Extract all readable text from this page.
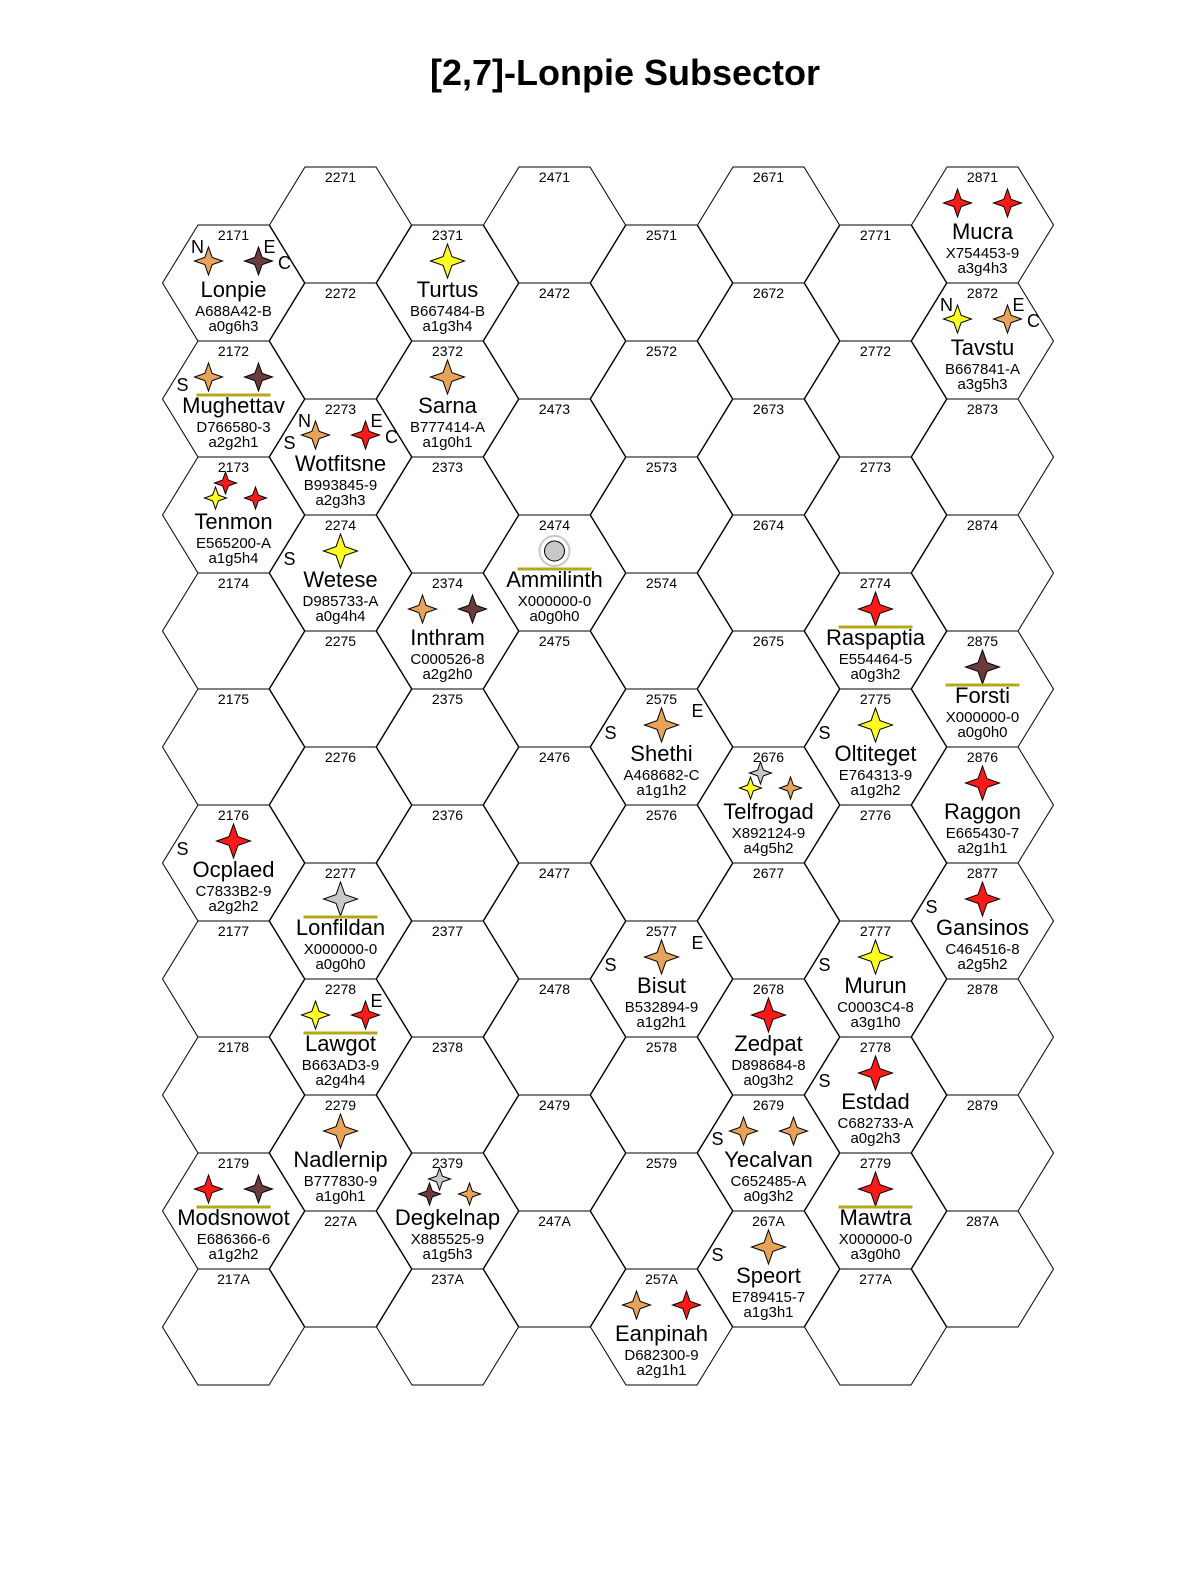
[2,7]-Lonpie Subsector
2171
2172
2173
2174
2175
2176
2177
2178
2179
217A
2271
2272
2273
2274
2275
2276
2277
2278
2279
227A
2371
2372
2373
2374
2375
2376
2377
2378
2379
237A
2471
2472
2473
2474
2475
2476
2477
2478
2479
247A
2571
2572
2573
2574
2575
2576
2577
2578
2579
257A
2671
2672
2673
2674
2675
2676
2677
2678
2679
267A
2771
2772
2773
2774
2775
2776
2777
2778
2779
277A
2871
2872
2873
2874
2875
2876
2877
2878
2879
287A
N	E
C
Lonpie
A688A42-B
a0g6h3
S
Mughettav
D766580-3
a2g2h1
Tenmon
E565200-A
a1g5h4
S
Ocplaed
C7833B2-9
a2g2h2
Modsnowot
E686366-6
a1g2h2
N	E
C
S
Wotfitsne
B993845-9
a2g3h3
S
Wetese
D985733-A
a0g4h4
Lonfildan
X000000-0
a0g0h0
E
Lawgot
B663AD3-9
a2g4h4
Nadlernip
B777830-9
a1g0h1
Turtus
B667484-B
a1g3h4
Sarna
B777414-A
a1g0h1
Inthram
C000526-8
a2g2h0
Degkelnap
X885525-9
a1g5h3
Ammilinth
X000000-0
a0g0h0
S
E
Shethi
A468682-C
a1g1h2
S
E
Bisut
B532894-9
a1g2h1
Eanpinah
D682300-9
a2g1h1
Telfrogad
X892124-9
a4g5h2
Zedpat
D898684-8
a0g3h2
S
Yecalvan
C652485-A
a0g3h2
S
Speort
E789415-7
a1g3h1
Raspaptia
E554464-5
a0g3h2
S
Oltiteget
E764313-9
a1g2h2
S
Murun
C0003C4-8
a3g1h0
S
Estdad
C682733-A
a0g2h3
Mawtra
X000000-0
a3g0h0
Mucra
X754453-9
a3g4h3
N	E
C
Tavstu
B667841-A
a3g5h3
Forsti
X000000-0
a0g0h0
Raggon
E665430-7
a2g1h1
S
Gansinos
C464516-8
a2g5h2
